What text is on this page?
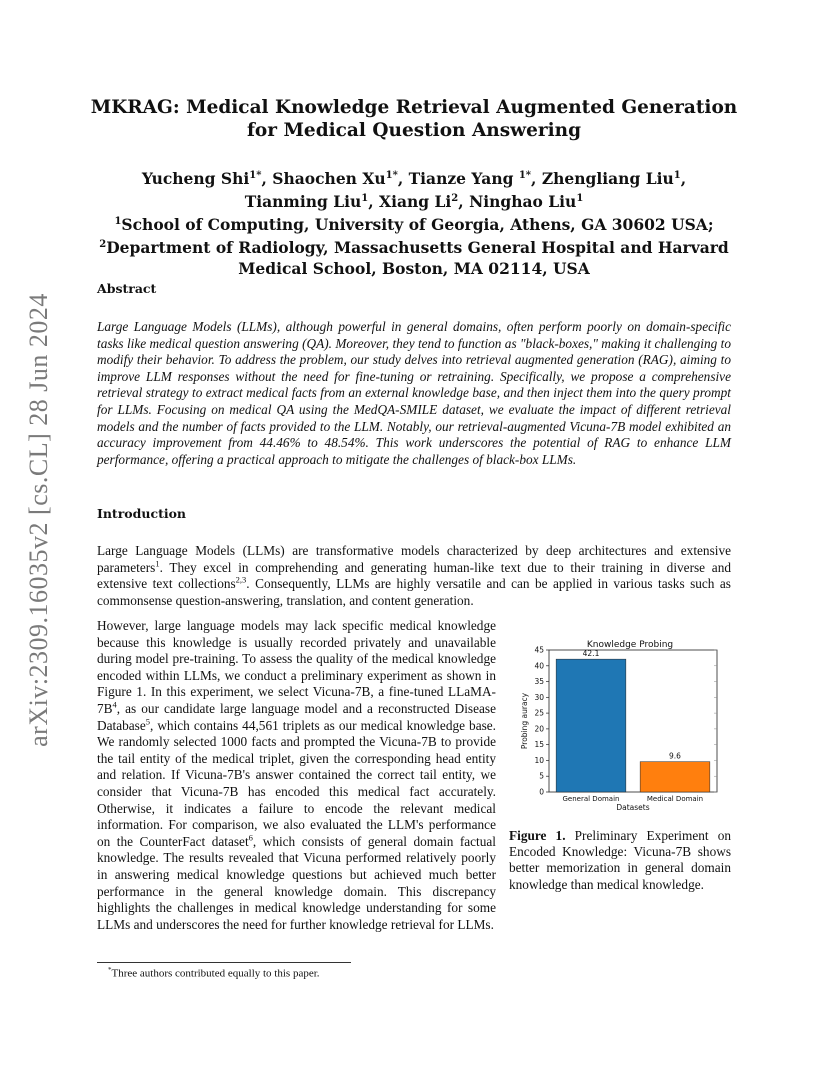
arXiv:2309.16035v2 [cs.CL] 28 Jun 2024
MKRAG: Medical Knowledge Retrieval Augmented Generation
for Medical Question Answering
Yucheng Shi$^{1*}$, Shaochen $Xu^{1*}$, Tianze Yang $^{1*}$, Zhengliang Liu$^1$,
Tianming Liu$^1$, Xiang Li$^2$, Ninghao Liu$^1$
$^1$School of Computing, University of Georgia, Athens, GA 30602 USA;
$^2$Department of Radiology, Massachusetts General Hospital and Harvard
Medical School, Boston, MA 02114, USA
Abstract
Large Language Models (LLMs), although powerful in general domains, often perform poorly on domain-specific tasks like medical question answering (QA). Moreover, they tend to function as "black-boxes," making it challenging to modify their behavior. To address the problem, our study delves into retrieval augmented generation (RAG), aiming to improve LLM responses without the need for fine-tuning or retraining. Specifically, we propose a comprehensive retrieval strategy to extract medical facts from an external knowledge base, and then inject them into the query prompt for LLMs. Focusing on medical QA using the MedQA-SMILE dataset, we evaluate the impact of different retrieval models and the number of facts provided to the LLM. Notably, our retrieval-augmented Vicuna-7B model exhibited an accuracy improvement from 44.46% to 48.54%. This work underscores the potential of RAG to enhance LLM performance, offering a practical approach to mitigate the challenges of black-box LLMs.
Introduction
Large Language Models (LLMs) are transformative models characterized by deep architectures and extensive parameters$^1$. They excel in comprehending and generating human-like text due to their training in diverse and extensive text collections$^{2,3}$. Consequently, LLMs are highly versatile and can be applied in various tasks such as commonsense question-answering, translation, and content generation.
However, large language models may lack specific medical knowledge because this knowledge is usually recorded privately and unavailable during model pre-training. To assess the quality of the medical knowledge encoded within LLMs, we conduct a preliminary experiment as shown in Figure 1. In this experiment, we select Vicuna-7B, a fine-tuned LLaMA-$7B^4$, as our candidate large language model and a reconstructed Disease Database$^5$, which contains 44,561 triplets as our medical knowledge base. We randomly selected 1000 facts and prompted the Vicuna-7B to provide the tail entity of the medical triplet, given the corresponding head entity and relation. If Vicuna-7B's answer contained the correct tail entity, we consider that Vicuna-7B has encoded this medical fact accurately. Otherwise, it indicates a failure to encode the relevant medical information. For comparison, we also evaluated the LLM's performance on the CounterFact dataset$^6$, which consists of general domain factual knowledge. The results revealed that Vicuna performed relatively poorly in answering medical knowledge questions but achieved much better performance in the general knowledge domain. This discrepancy highlights the challenges in medical knowledge understanding for some LLMs and underscores the need for further knowledge retrieval for LLMs.
Knowledge Probing
0
5
10
15
20
25
30
35
40
45	42.1
9.6
General Domain	Medical Domain
Probing auracy
Datasets
Figure 1. Preliminary Experiment on Encoded Knowledge: Vicuna-7B shows better memorization in general domain knowledge than medical knowledge.
*Three authors contributed equally to this paper.
